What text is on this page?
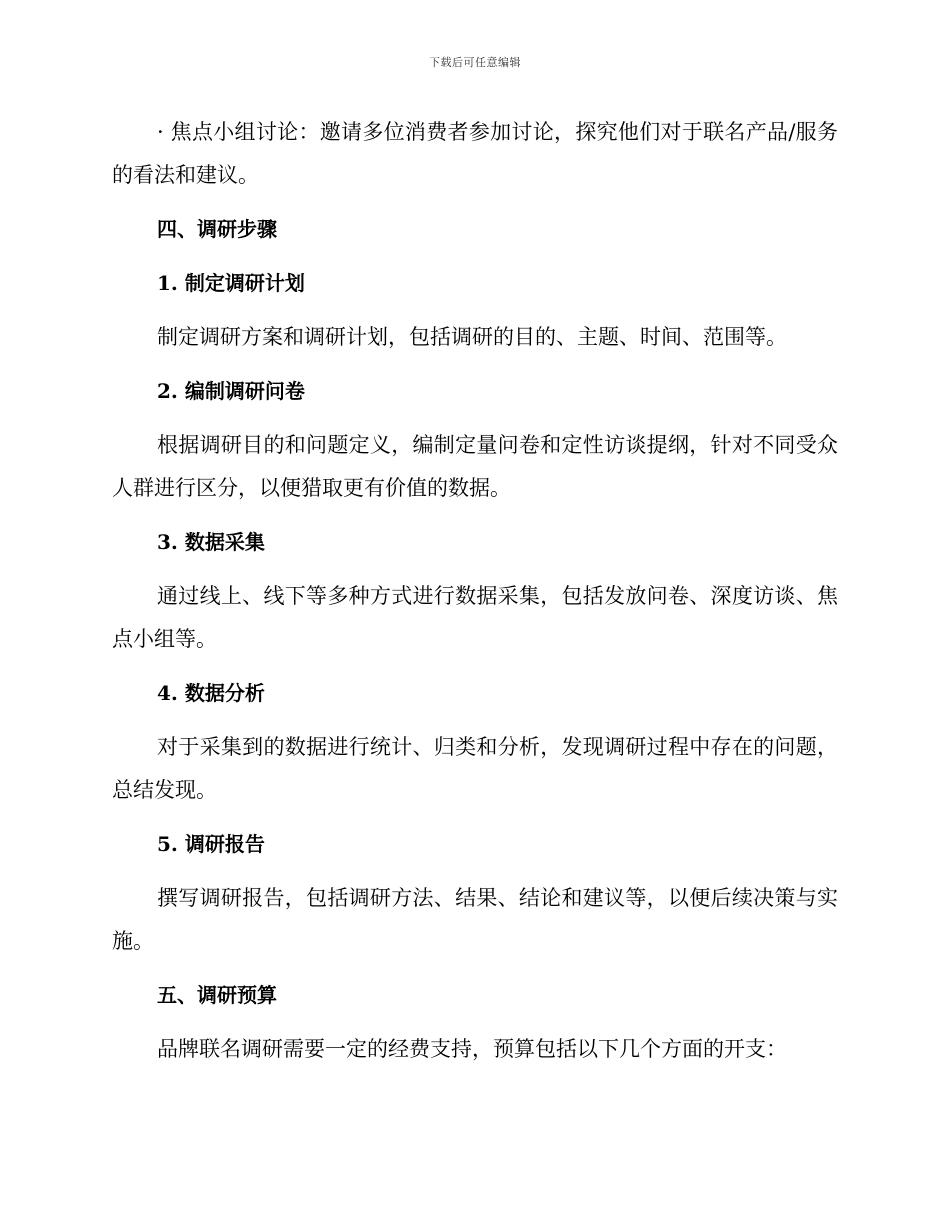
下载后可任意编辑

· 焦点小组讨论：邀请多位消费者参加讨论，探究他们对于联名产品/服务的看法和建议。

四、调研步骤
1. 制定调研计划

制定调研方案和调研计划，包括调研的目的、主题、时间、范围等。

2. 编制调研问卷

根据调研目的和问题定义，编制定量问卷和定性访谈提纲，针对不同受众人群进行区分，以便猎取更有价值的数据。

3. 数据采集

通过线上、线下等多种方式进行数据采集，包括发放问卷、深度访谈、焦点小组等。

4. 数据分析

对于采集到的数据进行统计、归类和分析，发现调研过程中存在的问题，总结发现。

5. 调研报告

撰写调研报告，包括调研方法、结果、结论和建议等，以便后续决策与实施。

五、调研预算

品牌联名调研需要一定的经费支持，预算包括以下几个方面的开支：
